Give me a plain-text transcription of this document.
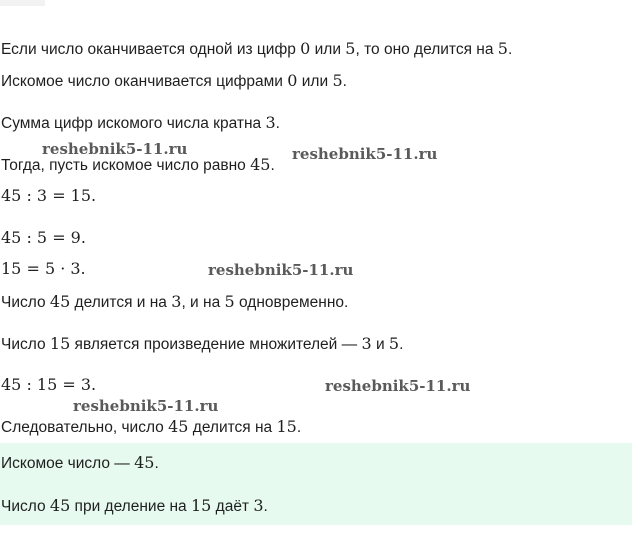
Если число оканчивается одной из цифр 0 или 5, то оно делится на 5.
Искомое число оканчивается цифрами 0 или 5.
Сумма цифр искомого числа кратна 3.
Тогда, пусть искомое число равно 45.
45 : 3 = 15.
45 : 5 = 9.
15 = 5 · 3.
Число 45 делится и на 3, и на 5 одновременно.
Число 15 является произведение множителей — 3 и 5.
45 : 15 = 3.
Следовательно, число 45 делится на 15.
Искомое число — 45.
Число 45 при деление на 15 даёт 3.
reshebnik5-11.ru	reshebnik5-11.ru
reshebnik5-11.ru
reshebnik5-11.ru
reshebnik5-11.ru
